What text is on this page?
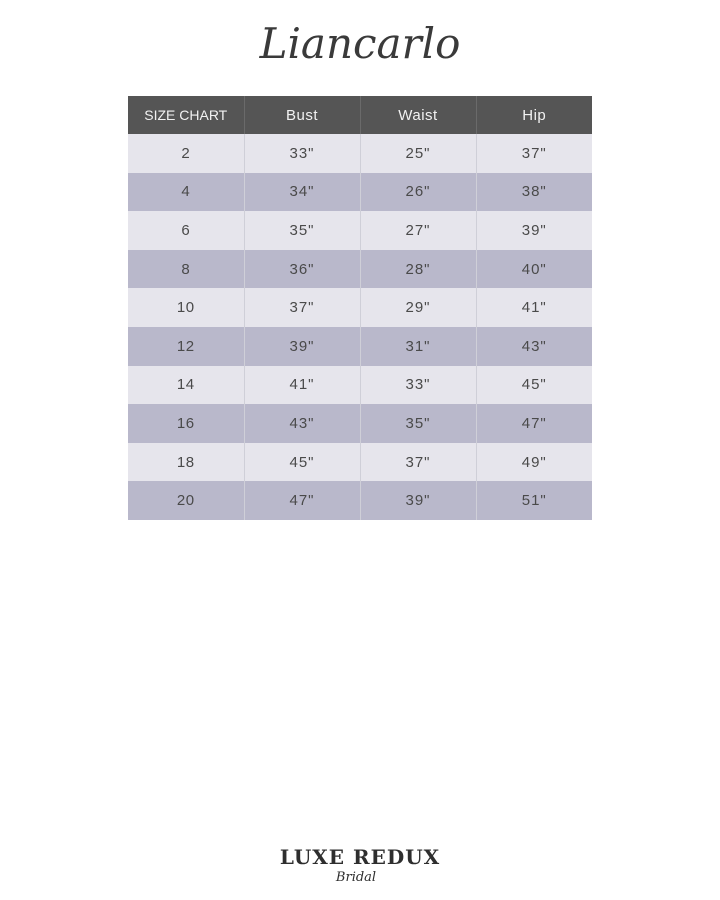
Liancarlo
SIZE CHART	Bust	Waist	Hip
2	33"	25"	37"
4	34"	26"	38"
6	35"	27"	39"
8	36"	28"	40"
10	37"	29"	41"
12	39"	31"	43"
14	41"	33"	45"
16	43"	35"	47"
18	45"	37"	49"
20	47"	39"	51"
LUXE REDUX
Bridal
